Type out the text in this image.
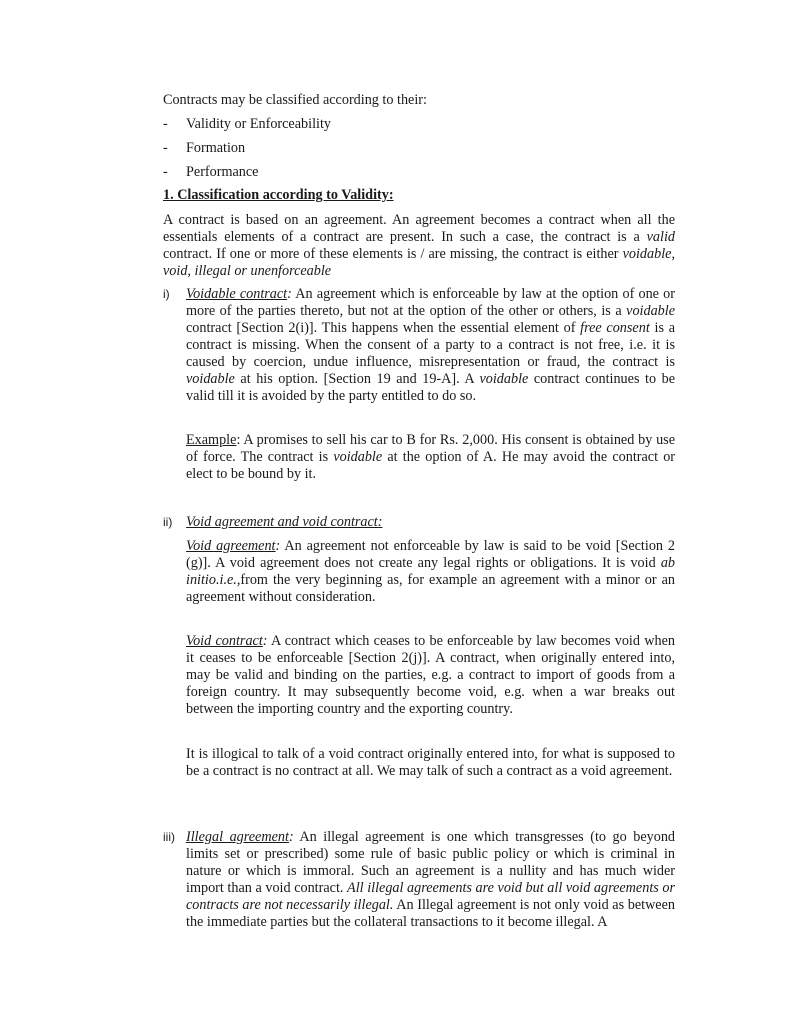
Contracts may be classified according to their:
- Validity or Enforceability
- Formation
- Performance
1. Classification according to Validity:
A contract is based on an agreement. An agreement becomes a contract when all the essentials elements of a contract are present. In such a case, the contract is a valid contract. If one or more of these elements is / are missing, the contract is either voidable, void, illegal or unenforceable
i) Voidable contract: An agreement which is enforceable by law at the option of one or more of the parties thereto, but not at the option of the other or others, is a voidable contract [Section 2(i)]. This happens when the essential element of free consent is a contract is missing. When the consent of a party to a contract is not free, i.e. it is caused by coercion, undue influence, misrepresentation or fraud, the contract is voidable at his option. [Section 19 and 19-A]. A voidable contract continues to be valid till it is avoided by the party entitled to do so.
Example: A promises to sell his car to B for Rs. 2,000. His consent is obtained by use of force. The contract is voidable at the option of A. He may avoid the contract or elect to be bound by it.
ii) Void agreement and void contract:
Void agreement: An agreement not enforceable by law is said to be void [Section 2 (g)]. A void agreement does not create any legal rights or obligations. It is void ab initio.i.e.,from the very beginning as, for example an agreement with a minor or an agreement without consideration.
Void contract: A contract which ceases to be enforceable by law becomes void when it ceases to be enforceable [Section 2(j)]. A contract, when originally entered into, may be valid and binding on the parties, e.g. a contract to import of goods from a foreign country. It may subsequently become void, e.g. when a war breaks out between the importing country and the exporting country.
It is illogical to talk of a void contract originally entered into, for what is supposed to be a contract is no contract at all. We may talk of such a contract as a void agreement.
iii) Illegal agreement: An illegal agreement is one which transgresses (to go beyond limits set or prescribed) some rule of basic public policy or which is criminal in nature or which is immoral. Such an agreement is a nullity and has much wider import than a void contract. All illegal agreements are void but all void agreements or contracts are not necessarily illegal. An Illegal agreement is not only void as between the immediate parties but the collateral transactions to it become illegal. A
